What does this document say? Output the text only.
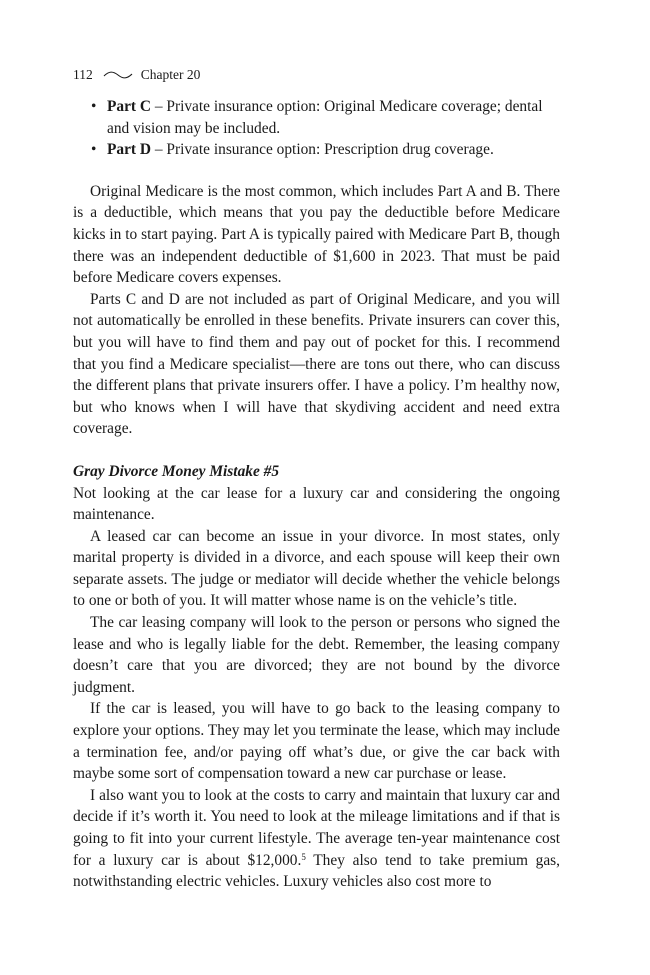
112	Chapter 20
• Part C – Private insurance option: Original Medicare coverage; dental and vision may be included.
• Part D – Private insurance option: Prescription drug coverage.

Original Medicare is the most common, which includes Part A and B. There is a deductible, which means that you pay the deductible before Medicare kicks in to start paying. Part A is typically paired with Medicare Part B, though there was an independent deductible of $1,600 in 2023. That must be paid before Medicare covers expenses.

Parts C and D are not included as part of Original Medicare, and you will not automatically be enrolled in these benefits. Private insurers can cover this, but you will have to find them and pay out of pocket for this. I recommend that you find a Medicare specialist—there are tons out there, who can discuss the different plans that private insurers offer. I have a policy. I’m healthy now, but who knows when I will have that skydiving accident and need extra coverage.

Gray Divorce Money Mistake #5

Not looking at the car lease for a luxury car and considering the ongoing maintenance.

A leased car can become an issue in your divorce. In most states, only marital property is divided in a divorce, and each spouse will keep their own separate assets. The judge or mediator will decide whether the vehicle belongs to one or both of you. It will matter whose name is on the vehicle’s title.

The car leasing company will look to the person or persons who signed the lease and who is legally liable for the debt. Remember, the leasing company doesn’t care that you are divorced; they are not bound by the divorce judgment.

If the car is leased, you will have to go back to the leasing company to explore your options. They may let you terminate the lease, which may include a termination fee, and/or paying off what’s due, or give the car back with maybe some sort of compensation toward a new car purchase or lease.

I also want you to look at the costs to carry and maintain that luxury car and decide if it’s worth it. You need to look at the mileage limitations and if that is going to fit into your current lifestyle. The average ten-year maintenance cost for a luxury car is about $12,000.$^5$ They also tend to take premium gas, notwithstanding electric vehicles. Luxury vehicles also cost more to
